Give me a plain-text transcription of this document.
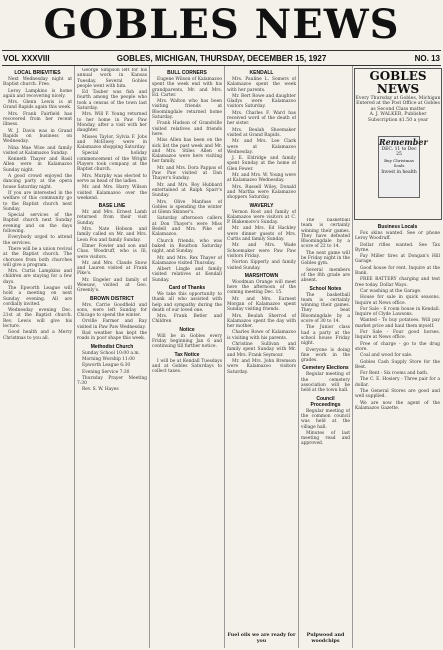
GOBLES NEWS
VOL XXXVIII	GOBLES, MICHIGAN, THURSDAY, DECEMBER 15, 1927	NO. 13
LOCAL BRIEVITIES

Next Wednesday night at Baptist church. Free.

Leroy Lampkins is home again and recovering nicely.

Mrs. Glenn Lewis is at Grand Rapids again this week.

Mrs. Frank Fairfield has recovered from her recent illness.

W. J. Davis was in Grand Rapids on business on Wednesday.

Nina Mae Wise and family visited at Kalamazoo Sunday.

Kenneth Thayer and Basil Allen were in Kalamazoo Sunday night.

A good crowd enjoyed the dancing party at the opera house Saturday night.

If you are interested in the welfare of this community go to the Baptist church next Sunday.

Special services of the Baptist church next Sunday evening and on the days following.

Everybody urged to attend the services.

There will be a union revival at the Baptist church. The choruses from both churches will give a program.

Mrs. Curtis Lampkins and children are staying for a few days.

The Epworth League will hold a meeting on next Sunday evening. All are cordially invited.

Wednesday evening Dec. 21st at the Baptist church. Rev. Lewis will give his lecture.

Good health and a Merry Christmas to you all.

George Simpson left for his annual work in Kansas Tuesday. Several Gobles people went with him.

Ed Tauber was fish and fourth among the people who took a census of the town last Saturday.

Mrs. Will F. Young returned to her home in Paw Paw Monday, after a visit with her daughter.

Misses Taylor, Sylvia F. Jobs and McElwey were in Kalamazoo shopping Saturday.

Special holiday commencement of the Wright Players took company at the Baptist church.

Mrs. Murphy was elected to serve as head of the ladies.

Mr. and Mrs. Harry Wilson visited Kalamazoo over the weekend.

BASE LINE

Mr. and Mrs. Ernest Lamb returned from their visit Sunday.

Mrs. Nate Hobson and family called on Mr. and Mrs. Leon Fox and family Sunday.

Elmer Fowler and son and Chas. Woodruff, who is Ill, were visitors.

Mr. and Mrs. Claude Snow and Lauren visited at Frank Pike's.

Mr. Engeler and family of Weesaw, visited at Geo. Greenly's.

BROWN DISTRICT

Mrs. Carrie Goodfield and sons, were left Sunday for Chicago to spend the winter.

Orville Farmer and Ray visited in Paw Paw Wednesday.

Bad weather has kept the roads in poor shape this week.

Methodist Church

Sunday School 10:00 a.m.

Morning Worship 11:00

Epworth League 6:30

Evening Service 7:30

Thursday Prayer Meeting 7:30

Rev. S. W. Hayes

BULL CORNERS

Eugene Wilson of Kalamazoo spent the week end with his grandparents, Mr. and Mrs. Ed. Carter.

Mrs. Walton who has been visiting friends at Bloomingdale returned home Saturday.

Frank Hudson of Grandville visited relatives and friends here.

Miss Allen has been on the sick list the past week and Mr. and Mrs. Stiles Allen of Kalamazoo were here visiting her family.

Mr. and Mrs. Dora Pappas of Paw Paw visited at Dan Thayer's Sunday.

Mr. and Mrs. Roy Hubbard entertained at Ralph Sparr's Sunday.

Mrs. Olive Manfuse of Gobles is spending the winter at Glenn Skinner's.

Saturday afternoon callers at Don Thayer's were Miss Bedell and Mrs. Pike of Kalamazoo.

Church friends, who was baked in Bourbon Saturday night, and Sunday.

Mr. and Mrs. Rex Thayer of Kalamazoo visited Thursday.

Albert Lingle and family visited relatives at Kendall Sunday.

Card of Thanks

We take this opportunity to thank all who assisted with help and sympathy during the death of our loved one.

Mrs. Frank Betler and Children

Notice

Will be in Gobles every Friday beginning Jan 6 and continuing till further notice.

Tax Notice

I will be at Kendall Tuesdays and at Gobles Saturdays to collect taxes.

KENDALL

Mrs. Pauline L. Somers of Kalamazoo spent the week with her parents.

Mr. Bert Rowe and daughter Gladys were Kalamazoo visitors Saturday.

Mrs. Charles F. Ward has received word of the death of her sister.

Mrs. Beulah Shoemaker visited at Grand Rapids.

Mr. and Mrs. Lee Clark were at Kalamazoo Wednesday.

J. E. Eldridge and family spent Sunday at the home of Glen Fewer.

Mr. and Mrs. W. Young were at Kalamazoo Wednesday.

Mrs. Russell Wiley, Donald and Martha were Kalamazoo shoppers Saturday.

WAVERLY

Vernon Root and family of Kalamazoo were visitors at C. P. Blakemore's Sunday.

Mr. and Mrs. Ed Hackley were dinner guests of Mrs. Curtis and family Sunday.

Mr. and Mrs. Wade Schoemaker were Paw Paw visitors Friday.

Norton Sipperly and family visited Sunday.

MARSHTOWN

Woodman Orange will meet here the afternoon of the coming meeting Dec. 15.

Mr. and Mrs. Earnest Morgan of Kalamazoo spent Sunday visiting friends.

Mrs. Beulah Sherrod of Kalamazoo spent the day with her mother.

Charles Rowe of Kalamazoo is visiting with his parents.

Christine Sullivan and family spent Sunday with Mr. and Mrs. Frank Seymour.

Mr. and Mrs. John Bremson were Kalamazoo visitors Saturday.

The basketball team is certainly winning their games. They have defeated Bloomingdale by a score of 22 to 14.

The next game will be Friday night in the Gobles gym.

Several members of the 8th grade are absent.

School Notes

The basketball team is certainly winning their games. They beat Bloomingdale by a score of 30 to 14.

The Junior class had a party at the school house Friday night.

Everyone is doing fine work in the grades.

Cemetery Elections

Regular meeting of the cemetery association will be held at the town hall.

Council Proceedings

Regular meeting of the common council was held at the village hall.

Minutes of last meeting read and approved.

Business Locals

Fox skins wanted. See or phone Leroy Woodruff.

Dollar rifles wanted. See Tax Byrne.

Fay Miller tires at Dongan's Hill Garage.

Good house for rent. Inquire at the Bank.

FREE BATTERY charging and test free today. Dollar Ways.

Car washing at the Garage.

House for sale in quick seasons. Inquire at News office.

For Sale - 6 room house in Kendall. Inquire of Clyde Lawsons.

Wanted - To buy potatoes. Will pay market price and haul them myself.

For Sale - Four good horses. Inquire at News office.

Free of charge - go to the drug store.

Coal and wood for sale.

Gobles Cash Supply Store for the Best.

For Rent - Six rooms and bath.

The C. E. Hosiery - Three pair for a dollar.

The General Stores are good and well supplied.

We are now the agent of the Kalamazoo Gazette.

GOBLES NEWS
Every Thursday at Gobles, Michigan
Entered at the Post Office at Gobles as Second Class matter
A. J. WALKER, Publisher
Subscription $1.50 a year
Remember
DEC. 11 to Dec 25
Buy Christmas Seals
Invest in health
Fuel oils we are ready for you
Pulpwood and woodchips
